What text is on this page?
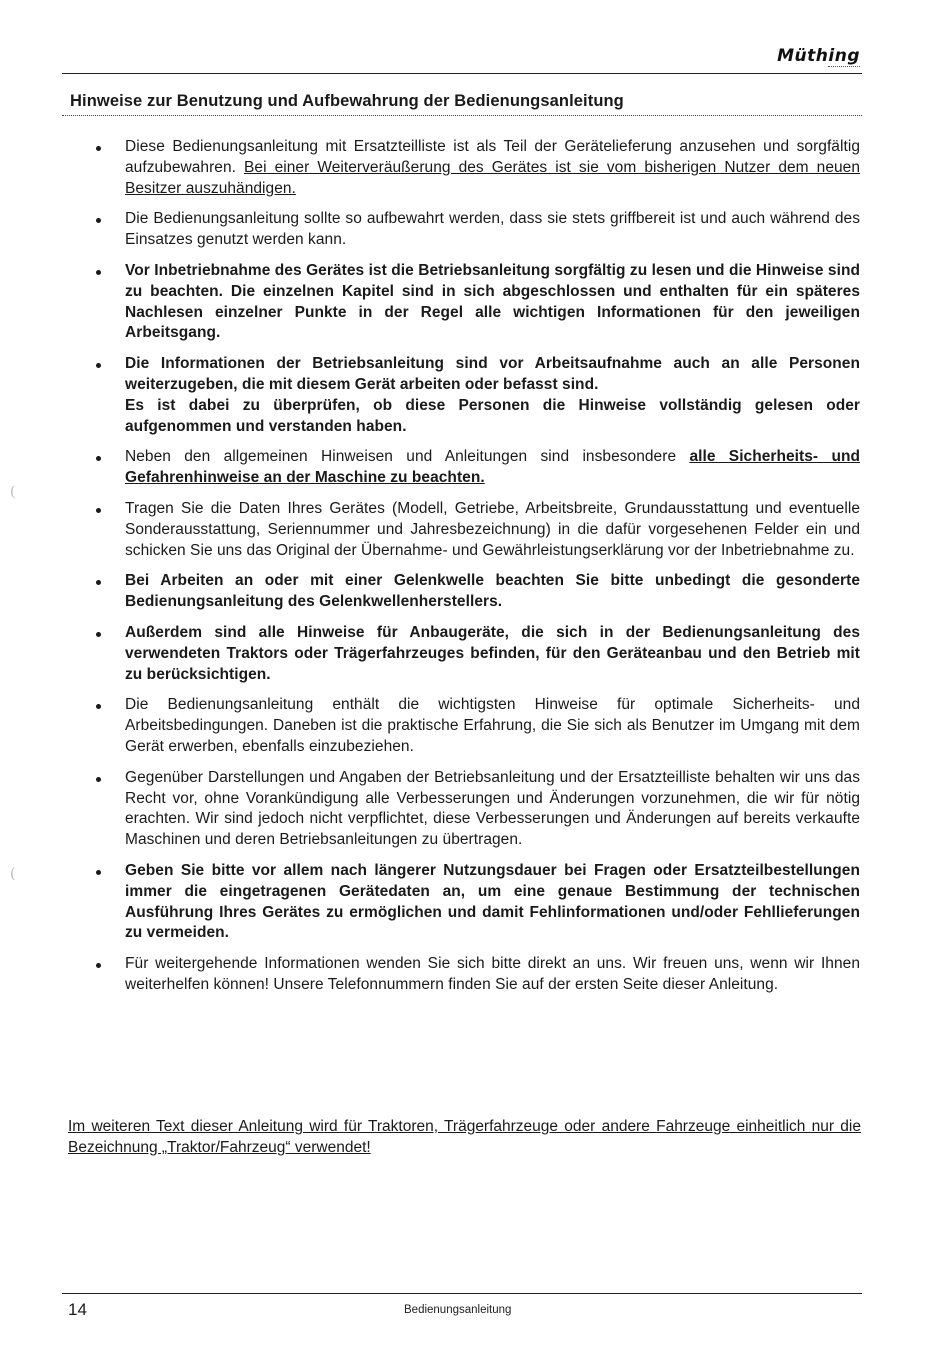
Müthing
Hinweise zur Benutzung und Aufbewahrung der Bedienungsanleitung
Diese Bedienungsanleitung mit Ersatzteilliste ist als Teil der Gerätelieferung anzusehen und sorgfältig aufzubewahren. Bei einer Weiterveräußerung des Gerätes ist sie vom bisherigen Nutzer dem neuen Besitzer auszuhändigen.
Die Bedienungsanleitung sollte so aufbewahrt werden, dass sie stets griffbereit ist und auch während des Einsatzes genutzt werden kann.
Vor Inbetriebnahme des Gerätes ist die Betriebsanleitung sorgfältig zu lesen und die Hinweise sind zu beachten. Die einzelnen Kapitel sind in sich abgeschlossen und enthalten für ein späteres Nachlesen einzelner Punkte in der Regel alle wichtigen Informationen für den jeweiligen Arbeitsgang.
Die Informationen der Betriebsanleitung sind vor Arbeitsaufnahme auch an alle Personen weiterzugeben, die mit diesem Gerät arbeiten oder befasst sind.
Es ist dabei zu überprüfen, ob diese Personen die Hinweise vollständig gelesen oder aufgenommen und verstanden haben.
Neben den allgemeinen Hinweisen und Anleitungen sind insbesondere alle Sicherheits- und Gefahrenhinweise an der Maschine zu beachten.
Tragen Sie die Daten Ihres Gerätes (Modell, Getriebe, Arbeitsbreite, Grundausstattung und eventuelle Sonderausstattung, Seriennummer und Jahresbezeichnung) in die dafür vorgesehenen Felder ein und schicken Sie uns das Original der Übernahme- und Gewährleistungserklärung vor der Inbetriebnahme zu.
Bei Arbeiten an oder mit einer Gelenkwelle beachten Sie bitte unbedingt die gesonderte Bedienungsanleitung des Gelenkwellenherstellers.
Außerdem sind alle Hinweise für Anbaugeräte, die sich in der Bedienungsanleitung des verwendeten Traktors oder Trägerfahrzeuges befinden, für den Geräteanbau und den Betrieb mit zu berücksichtigen.
Die Bedienungsanleitung enthält die wichtigsten Hinweise für optimale Sicherheits- und Arbeitsbedingungen. Daneben ist die praktische Erfahrung, die Sie sich als Benutzer im Umgang mit dem Gerät erwerben, ebenfalls einzubeziehen.
Gegenüber Darstellungen und Angaben der Betriebsanleitung und der Ersatzteilliste behalten wir uns das Recht vor, ohne Vorankündigung alle Verbesserungen und Änderungen vorzunehmen, die wir für nötig erachten. Wir sind jedoch nicht verpflichtet, diese Verbesserungen und Änderungen auf bereits verkaufte Maschinen und deren Betriebsanleitungen zu übertragen.
Geben Sie bitte vor allem nach längerer Nutzungsdauer bei Fragen oder Ersatzteilbestellungen immer die eingetragenen Gerätedaten an, um eine genaue Bestimmung der technischen Ausführung Ihres Gerätes zu ermöglichen und damit Fehlinformationen und/oder Fehllieferungen zu vermeiden.
Für weitergehende Informationen wenden Sie sich bitte direkt an uns. Wir freuen uns, wenn wir Ihnen weiterhelfen können! Unsere Telefonnummern finden Sie auf der ersten Seite dieser Anleitung.
Im weiteren Text dieser Anleitung wird für Traktoren, Trägerfahrzeuge oder andere Fahrzeuge einheitlich nur die Bezeichnung „Traktor/Fahrzeug“ verwendet!
14	Bedienungsanleitung
(
(
